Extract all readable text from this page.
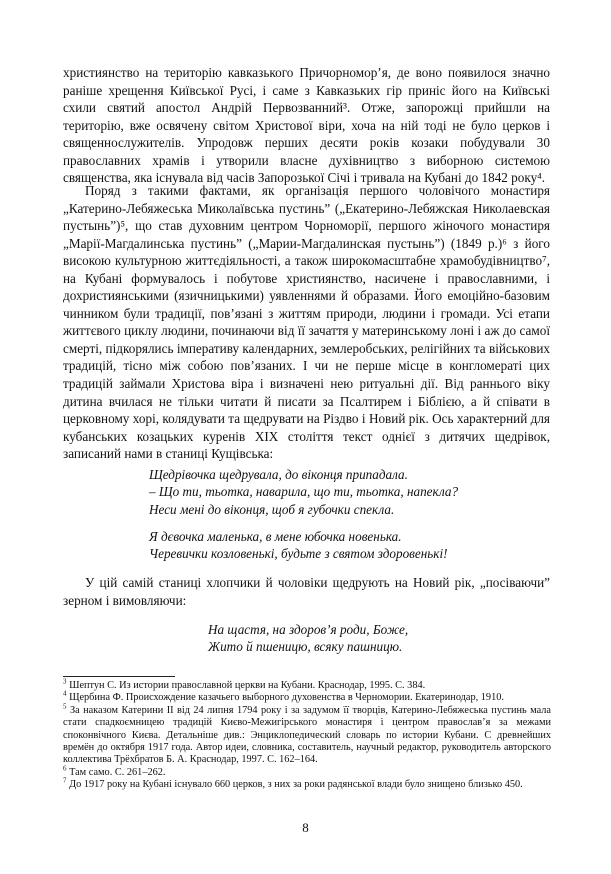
християнство на територію кавказького Причорномор’я, де воно появилося значно раніше хрещення Київської Русі, і саме з Кавказьких гір приніс його на Київські схили святий апостол Андрій Первозванний³. Отже, запорожці прийшли на територію, вже освячену світом Христової віри, хоча на ній тоді не було церков і священнослужителів. Упродовж перших десяти років козаки побудували 30 православних храмів і утворили власне духівництво з виборною системою священства, яка існувала від часів Запорозької Січі і тривала на Кубані до 1842 року⁴.

Поряд з такими фактами, як організація першого чоловічого монастиря „Катерино-Лебяжеська Миколаївська пустинь” („Екатерино-Лебяжская Николаевская пустынь”)⁵, що став духовним центром Чорноморії, першого жіночого монастиря „Марії-Магдалинська пустинь” („Марии-Магдалинская пустынь”) (1849 р.)⁶ з його високою культурною життєдіяльності, а також широкомасштабне храмобудівництво⁷, на Кубані формувалось і побутове християнство, насичене і православними, і дохристиянськими (язичницькими) уявленнями й образами. Його емоційно-базовим чинником були традиції, пов’язані з життям природи, людини і громади. Усі етапи життєвого циклу людини, починаючи від її зачаття у материнському лоні і аж до самої смерті, підкорялись імперативу календарних, землеробських, релігійних та військових традицій, тісно між собою пов’язаних. І чи не перше місце в конгломераті цих традицій займали Христова віра і визначені нею ритуальні дії. Від раннього віку дитина вчилася не тільки читати й писати за Псалтирем і Біблією, а й співати в церковному хорі, колядувати та щедрувати на Різдво і Новий рік. Ось характерний для кубанських козацьких куренів XIX століття текст однієї з дитячих щедрівок, записаний нами в станиці Кущівська:

Щедрівочка щедрувала, до віконця припадала.
– Що ти, тьотка, наварила, що ти, тьотка, напекла?
Неси мені до віконця, щоб я губочки спекла.
Я дєвочка маленька, в мене юбочка новенька.
Черевички козловенькі, будьте з святом здоровенькі!

У цій самій станиці хлопчики й чоловіки щедрують на Новий рік, „посіваючи” зерном і вимовляючи:

На щастя, на здоров’я роди, Боже,
Жито й пшеницю, всяку пашницю.

$^3$ Шептун С. Из истории православной церкви на Кубани. Краснодар, 1995. С. 384.

$^4$ Щербина Ф. Происхождение казачьего выборного духовенства в Черномории. Екатеринодар, 1910.

$^5$ За наказом Катерини II від 24 липня 1794 року і за задумом її творців, Катерино-Лебяжеська пустинь мала стати спадкоємницею традицій Києво-Межигірського монастиря і центром православ’я за межами споконвічного Києва. Детальніше див.: Энциклопедический словарь по истории Кубани. С древнейших времён до октября 1917 года. Автор идеи, словника, составитель, научный редактор, руководитель авторского коллектива Трёхбратов Б. А. Краснодар, 1997. С. 162–164.

$^6$ Там само. С. 261–262.

$^7$ До 1917 року на Кубані існувало 660 церков, з них за роки радянської влади було знищено близько 450.

8
